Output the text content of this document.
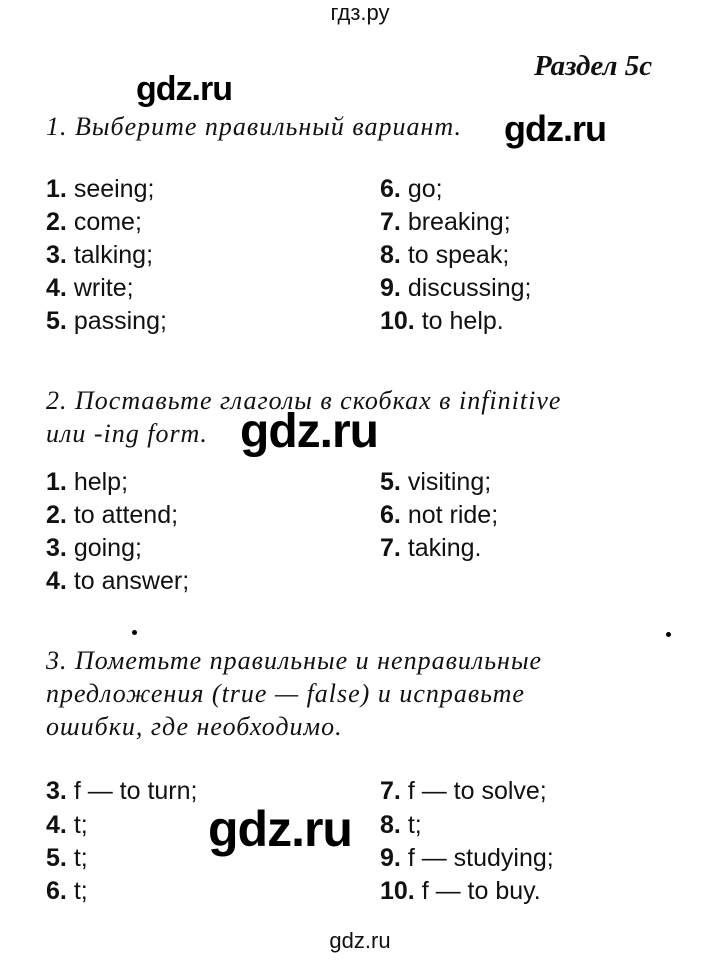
гдз.ру
Раздел 5c
gdz.ru
gdz.ru
gdz.ru
gdz.ru
1. Выберите правильный вариант.
1. seeing;
2. come;
3. talking;
4. write;
5. passing;
6. go;
7. breaking;
8. to speak;
9. discussing;
10. to help.
2. Поставьте глаголы в скобках в infinitive
или -ing form.
1. help;
2. to attend;
3. going;
4. to answer;
5. visiting;
6. not ride;
7. taking.
3. Пометьте правильные и неправильные
предложения (true — false) и исправьте
ошибки, где необходимо.
3. f — to turn;
4. t;
5. t;
6. t;
7. f — to solve;
8. t;
9. f — studying;
10. f — to buy.
gdz.ru
